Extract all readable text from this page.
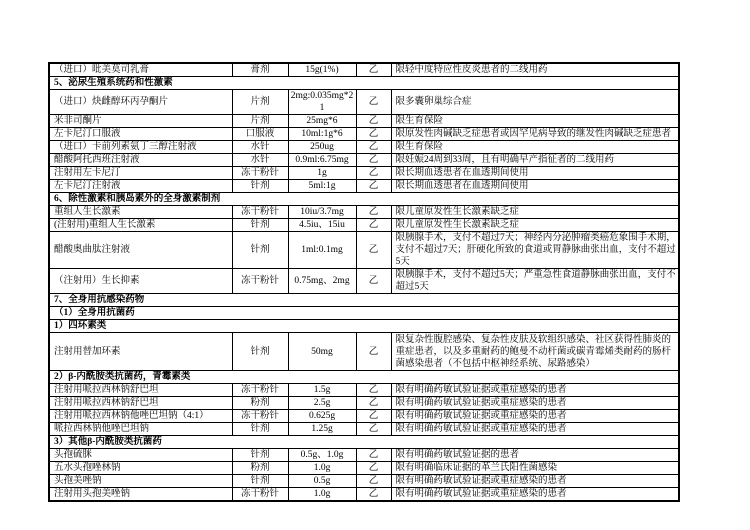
（进口）吡美莫司乳膏	膏剂	15g(1%)	乙	限轻中度特应性皮炎患者的二线用药
5、泌尿生殖系统药和性激素				
（进口）炔雌醇环丙孕酮片	片剂	2mg:0.035mg*21	乙	限多囊卵巢综合症
米非司酮片	片剂	25mg*6	乙	限生育保险
左卡尼汀口服液	口服液	10ml:1g*6	乙	限原发性肉碱缺乏症患者或因罕见病导致的继发性肉碱缺乏症患者
（进口）卡前列素氨丁三醇注射液	水针	250ug	乙	限生育保险
醋酸阿托西班注射液	水针	0.9ml:6.75mg	乙	限妊娠24周到33周，且有明确早产指征者的二线用药
注射用左卡尼汀	冻干粉针	1g	乙	限长期血透患者在血透期间使用
左卡尼汀注射液	针剂	5ml:1g	乙	限长期血透患者在血透期间使用
6、除性激素和胰岛素外的全身激素制剂				
重组人生长激素	冻干粉针	10iu/3.7mg	乙	限儿童原发性生长激素缺乏症
(注射用)重组人生长激素	针剂	4.5iu、15iu	乙	限儿童原发性生长激素缺乏症
醋酸奥曲肽注射液	针剂	1ml:0.1mg	乙	限胰腺手术，支付不超过7天；神经内分泌肿瘤类癌危象围手术期，支付不超过7天；肝硬化所致的食道或胃静脉曲张出血，支付不超过5天
（注射用）生长抑素	冻干粉针	0.75mg、2mg	乙	限胰腺手术，支付不超过5天；严重急性食道静脉曲张出血，支付不超过5天
7、全身用抗感染药物				
（1）全身用抗菌药				
1）四环素类				
注射用替加环素	针剂	50mg	乙	限复杂性腹腔感染、复杂性皮肤及软组织感染、社区获得性肺炎的重症患者，以及多重耐药的鲍曼不动杆菌或碳青霉烯类耐药的肠杆菌感染患者（不包括中枢神经系统、尿路感染）
2）β-内酰胺类抗菌药，青霉素类				
注射用哌拉西林钠舒巴坦	冻干粉针	1.5g	乙	限有明确药敏试验证据或重症感染的患者
注射用哌拉西林钠舒巴坦	粉剂	2.5g	乙	限有明确药敏试验证据或重症感染的患者
注射用哌拉西林钠他唑巴坦钠（4:1）	冻干粉针	0.625g	乙	限有明确药敏试验证据或重症感染的患者
哌拉西林钠他唑巴坦钠	针剂	1.25g	乙	限有明确药敏试验证据或重症感染的患者
3）其他β-内酰胺类抗菌药				
头孢硫脒	针剂	0.5g、1.0g	乙	限有明确药敏试验证据的患者
五水头孢唑林钠	粉剂	1.0g	乙	限有明确临床证据的革兰氏阳性菌感染
头孢美唑钠	针剂	0.5g	乙	限有明确药敏试验证据或重症感染的患者
注射用头孢美唑钠	冻干粉针	1.0g	乙	限有明确药敏试验证据或重症感染的患者
